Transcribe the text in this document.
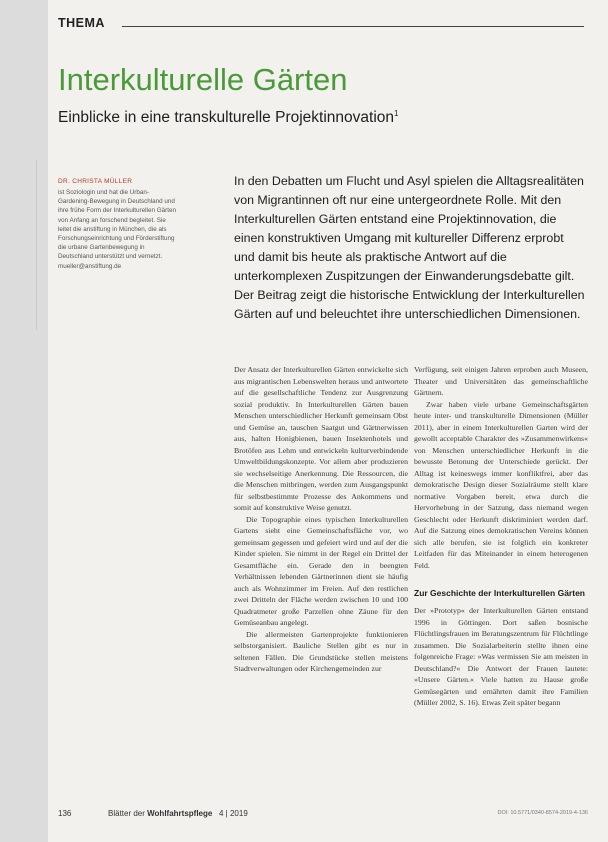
THEMA
Interkulturelle Gärten
Einblicke in eine transkulturelle Projektinnovation$^1$
DR. CHRISTA MÜLLER
ist Soziologin und hat die Urban-Gardening-Bewegung in Deutschland und ihre frühe Form der Interkulturellen Gärten von Anfang an forschend begleitet. Sie leitet die anstiftung in München, die als Forschungseinrichtung und Förderstiftung die urbane Gartenbewegung in Deutschland unterstützt und vernetzt.
mueller@anstiftung.de
In den Debatten um Flucht und Asyl spielen die Alltagsrealitäten von Migrantinnen oft nur eine untergeordnete Rolle. Mit den Interkulturellen Gärten entstand eine Projektinnovation, die einen konstruktiven Umgang mit kultureller Differenz erprobt und damit bis heute als praktische Antwort auf die unterkomplexen Zuspitzungen der Einwanderungsdebatte gilt. Der Beitrag zeigt die historische Entwicklung der Interkulturellen Gärten auf und beleuchtet ihre unterschiedlichen Dimensionen.

Der Ansatz der Interkulturellen Gärten entwickelte sich aus migrantischen Lebenswelten heraus und antwortete auf die gesellschaftliche Tendenz zur Ausgrenzung sozial produktiv. In Interkulturellen Gärten bauen Menschen unterschiedlicher Herkunft gemeinsam Obst und Gemüse an, tauschen Saatgut und Gärtnerwissen aus, halten Honigbienen, bauen Insektenhotels und Brotöfen aus Lehm und entwickeln kulturverbindende Umweltbildungskonzepte. Vor allem aber produzieren sie wechselseitige Anerkennung. Die Ressourcen, die die Menschen mitbringen, werden zum Ausgangspunkt für selbstbestimmte Prozesse des Ankommens und somit auf konstruktive Weise genutzt.

Die Topographie eines typischen Interkulturellen Gartens sieht eine Gemeinschaftsfläche vor, wo gemeinsam gegessen und gefeiert wird und auf der die Kinder spielen. Sie nimmt in der Regel ein Drittel der Gesamtfläche ein. Gerade den in beengten Verhältnissen lebenden Gärtnerinnen dient sie häufig auch als Wohnzimmer im Freien. Auf den restlichen zwei Dritteln der Fläche werden zwischen 10 und 100 Quadratmeter große Parzellen ohne Zäune für den Gemüseanbau angelegt.

Die allermeisten Gartenprojekte funktionieren selbstorganisiert. Bauliche Stellen gibt es nur in seltenen Fällen. Die Grundstücke stellen meistens Stadtverwaltungen oder Kirchengemeinden zur

Verfügung, seit einigen Jahren erproben auch Museen, Theater und Universitäten das gemeinschaftliche Gärtnern.

Zwar haben viele urbane Gemeinschaftsgärten heute inter- und transkulturelle Dimensionen (Müller 2011), aber in einem Interkulturellen Garten wird der gewollt acceptable Charakter des »Zusammenwirkens« von Menschen unterschiedlicher Herkunft in die bewusste Betonung der Unterschiede gerückt. Der Alltag ist keineswegs immer konfliktfrei, aber das demokratische Design dieser Sozialräume stellt klare normative Vorgaben bereit, etwa durch die Hervorhebung in der Satzung, dass niemand wegen Geschlecht oder Herkunft diskriminiert werden darf. Auf die Satzung eines demokratischen Vereins können sich alle berufen, sie ist folglich ein konkreter Leitfaden für das Miteinander in einem heterogenen Feld.

Zur Geschichte der Interkulturellen Gärten

Der »Prototyp« der Interkulturellen Gärten entstand 1996 in Göttingen. Dort saßen bosnische Flüchtlingsfrauen im Beratungszentrum für Flüchtlinge zusammen. Die Sozialarbeiterin stellte ihnen eine folgenreiche Frage: »Was vermissen Sie am meisten in Deutschland?« Die Antwort der Frauen lautete: »Unsere Gärten.« Viele hatten zu Hause große Gemüsegärten und ernährten damit ihre Familien (Müller 2002, S. 16). Etwas Zeit später begann

136	Blätter der Wohlfahrtspflege 4 | 2019	DOI: 10.5771/0340-8574-2019-4-136
